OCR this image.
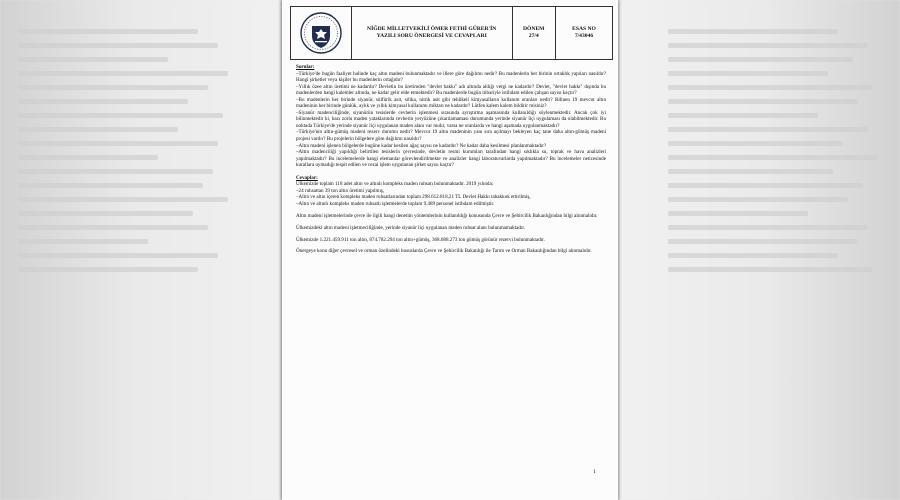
NİĞDE MİLLETVEKİLİ ÖMER FETHİ GÜRER'İN
YAZILI SORU ÖNERGESİ VE CEVAPLARI
DÖNEM
27/4
ESAS NO
7/43046
Sorular:

–Türkiye'de bugün faaliyet halinde kaç altın madeni bulunmaktadır ve illere göre dağılımı nedir? Bu madenlerin her birinin ortaklık yapıları nasıldır? Hangi şirketler veya kişiler bu madenlerin ortağıdır?

–Yıllık özee altın üretimi ne kadardır? Devletin bu üretimden "devlet hakkı" adı altında aldığı vergi ne kadardır? Devlet, "devlet hakkı" dışında bu madenlerden hangi kalemler altında, ne kadar gelir elde etmektedir? Bu madenlerde bugün itibariyle istihdam edilen çalışan sayısı kaçtır?

–Bu madenlerin her birinde siyanür, sülfürik asit, silika, nitrik asit gibi tehlikeli kimyasalların kullanım oranları nedir? Bilinen 19 mevcut altın madeninin her birinde günlük, aylık ve yıllık kimyasal kullanımı miktarı ne kadardır? Lütfen kalem kalem bildirir misiniz?

–Siyanür madenciliğinde, siyanürün tesislerde cevherin işlenmesi sırasında ayrıştırma aşamasında kullanıldığı söylenmektedir. Ancak çok iyi bilinmektedir ki, bazı zorlu maden yataklarında cevherin yeryüzüne çıkarılamaması durumunda yerinde siyanür liçi uygulaması da olabilmektedir. Bu noktada Türkiye'de yerinde siyanür liçi uygulanan maden alanı var mıdır, varsa ne oranlarda ve hangi aşamada uygulanmaktadır?

–Türkiye'nin altın-gümüş madeni rezerv durumu nedir? Mevcut 19 altın madeninin yanı sıra açılmayı bekleyen kaç tane daha altın-gümüş madeni projesi vardır? Bu projelerin bölgelere göre dağılımı nasıldır?

–Altın madeni işlenen bölgelerde bugüne kadar kesilen ağaç sayısı ne kadardır? Ne kadar daha kesilmesi planlanmaktadır?

–Altın madenciliği yapıldığı belirtilen tesislerin çevresinde, devletin resmi kurumları tarafından hangi sıklıkla su, toprak ve hava analizleri yapılmaktadır? Bu incelemelerde hangi elemanlar görevlendirilmekte ve analizler hangi laboratuvarlarda yapılmaktadır? Bu incelemeler neticesinde kurallara uymadığı tespit edilen ve cezai işlem uygulanan şirket sayısı kaçtır?

Cevaplar:

Ülkemizde toplam 118 adet altın ve altınlı kompleks maden ruhsatı bulunmaktadır. 2019 yılında;

–24 ruhsattan 39 ton altın üretimi yapılmış,

–Altın ve altın içeren kompleks maden ruhsatlarından toplam 298.612.818,21 TL Devlet Hakkı tahakkuk ettirilmiş,

–Altın ve altınlı kompleks maden ruhsatlı işletmelerde toplam 9.489 personel istihdam edilmiştir.

Altın madeni işletmelerinde çevre ile ilgili hangi denetim yöntemlerinin kullanıldığı konusunda Çevre ve Şehircilik Bakanlığından bilgi alınmalıdır.

Ülkemizdeki altın madeni işletmeciliğinde, yerinde siyanür liçi uygulanan maden ruhsat alanı bulunmamaktadır.

Ülkemizde 1.221.459.911 ton altın, 874.782.294 ton altın+gümüş, 368.688.273 ton gümüş görünür rezervi bulunmaktadır.

Önergeye konu diğer çevresel ve orman özelindeki hususlarda Çevre ve Şehircilik Bakanlığı ile Tarım ve Orman Bakanlığından bilgi alınmalıdır.

1
